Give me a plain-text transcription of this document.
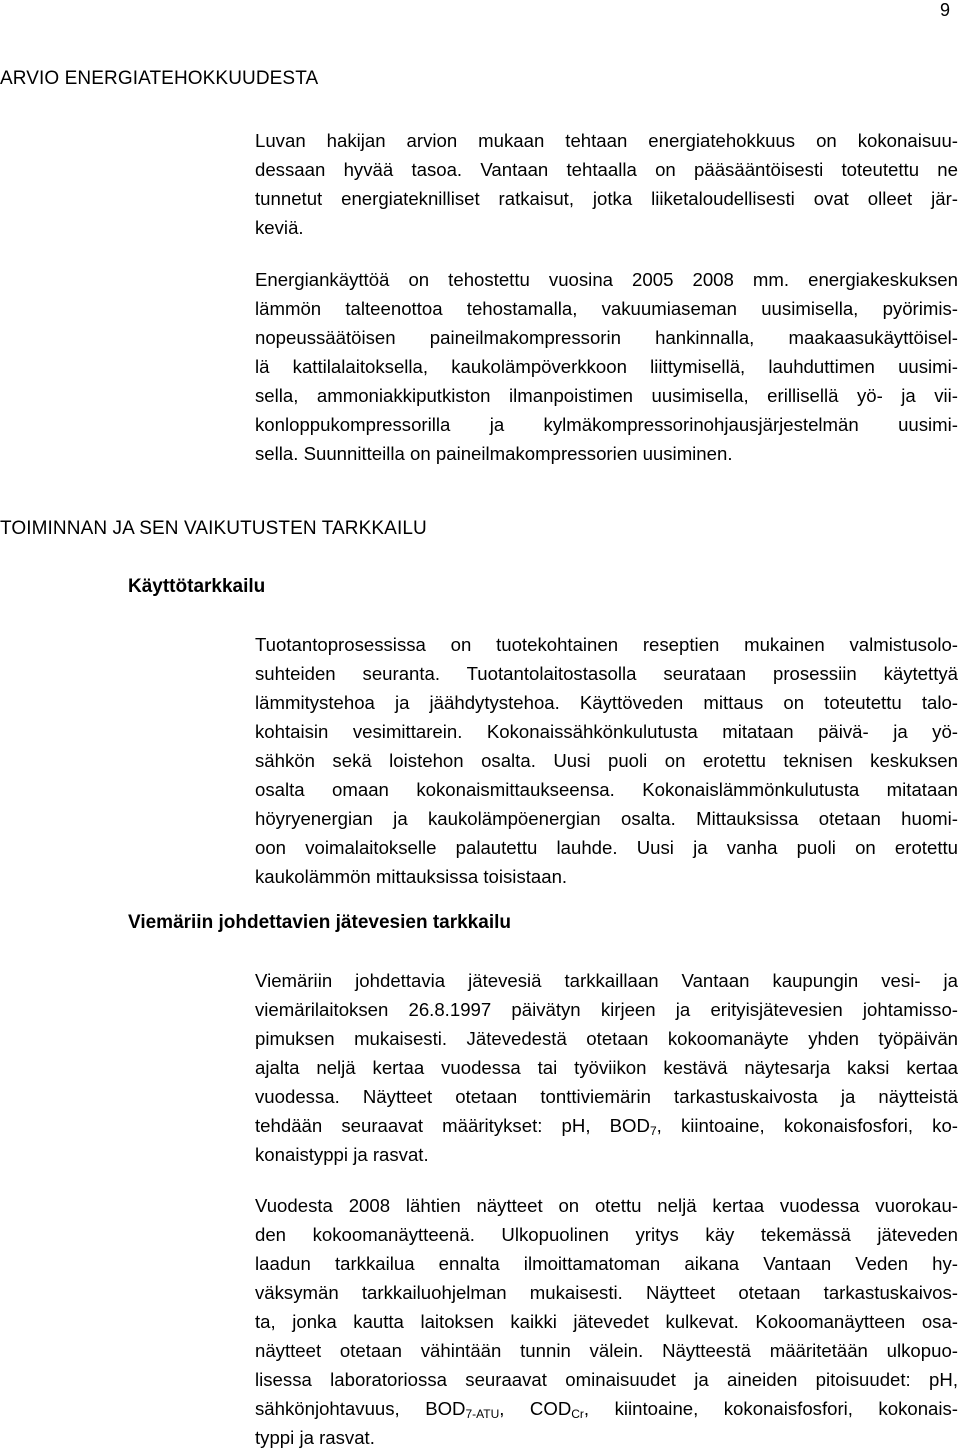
9
ARVIO ENERGIATEHOKKUUDESTA
Luvan hakijan arvion mukaan tehtaan energiatehokkuus on kokonaisuu-
dessaan hyvää tasoa. Vantaan tehtaalla on pääsääntöisesti toteutettu ne
tunnetut energiateknilliset ratkaisut, jotka liiketaloudellisesti ovat olleet jär-
keviä.
Energiankäyttöä on tehostettu vuosina 2005 2008 mm. energiakeskuksen
lämmön talteenottoa tehostamalla, vakuumiaseman uusimisella, pyörimis-
nopeussäätöisen paineilmakompressorin hankinnalla, maakaasukäyttöisel-
lä kattilalaitoksella, kaukolämpöverkkoon liittymisellä, lauhduttimen uusimi-
sella, ammoniakkiputkiston ilmanpoistimen uusimisella, erillisellä yö- ja vii-
konloppukompressorilla ja kylmäkompressorinohjausjärjestelmän uusimi-
sella. Suunnitteilla on paineilmakompressorien uusiminen.
TOIMINNAN JA SEN VAIKUTUSTEN TARKKAILU
Käyttötarkkailu
Tuotantoprosessissa on tuotekohtainen reseptien mukainen valmistusolo-
suhteiden seuranta. Tuotantolaitostasolla seurataan prosessiin käytettyä
lämmitystehoa ja jäähdytystehoa. Käyttöveden mittaus on toteutettu talo-
kohtaisin vesimittarein. Kokonaissähkönkulutusta mitataan päivä- ja yö-
sähkön sekä loistehon osalta. Uusi puoli on erotettu teknisen keskuksen
osalta omaan kokonaismittaukseensa. Kokonaislämmönkulutusta mitataan
höyryenergian ja kaukolämpöenergian osalta. Mittauksissa otetaan huomi-
oon voimalaitokselle palautettu lauhde. Uusi ja vanha puoli on erotettu
kaukolämmön mittauksissa toisistaan.
Viemäriin johdettavien jätevesien tarkkailu
Viemäriin johdettavia jätevesiä tarkkaillaan Vantaan kaupungin vesi- ja
viemärilaitoksen 26.8.1997 päivätyn kirjeen ja erityisjätevesien johtamisso-
pimuksen mukaisesti. Jätevedestä otetaan kokoomanäyte yhden työpäivän
ajalta neljä kertaa vuodessa tai työviikon kestävä näytesarja kaksi kertaa
vuodessa. Näytteet otetaan tonttiviemärin tarkastuskaivosta ja näytteistä
tehdään seuraavat määritykset: pH, $BOD_7$, kiintoaine, kokonaisfosfori, ko-
konaistyppi ja rasvat.
Vuodesta 2008 lähtien näytteet on otettu neljä kertaa vuodessa vuorokau-
den kokoomanäytteenä. Ulkopuolinen yritys käy tekemässä jäteveden
laadun tarkkailua ennalta ilmoittamatoman aikana Vantaan Veden hy-
väksymän tarkkailuohjelman mukaisesti. Näytteet otetaan tarkastuskaivos-
ta, jonka kautta laitoksen kaikki jätevedet kulkevat. Kokoomanäytteen osa-
näytteet otetaan vähintään tunnin välein. Näytteestä määritetään ulkopuo-
lisessa laboratoriossa seuraavat ominaisuudet ja aineiden pitoisuudet: pH,
sähkönjohtavuus, $BOD_{7-ATU}$, $COD_{Cr}$, kiintoaine, kokonaisfosfori, kokonais-
typpi ja rasvat.
